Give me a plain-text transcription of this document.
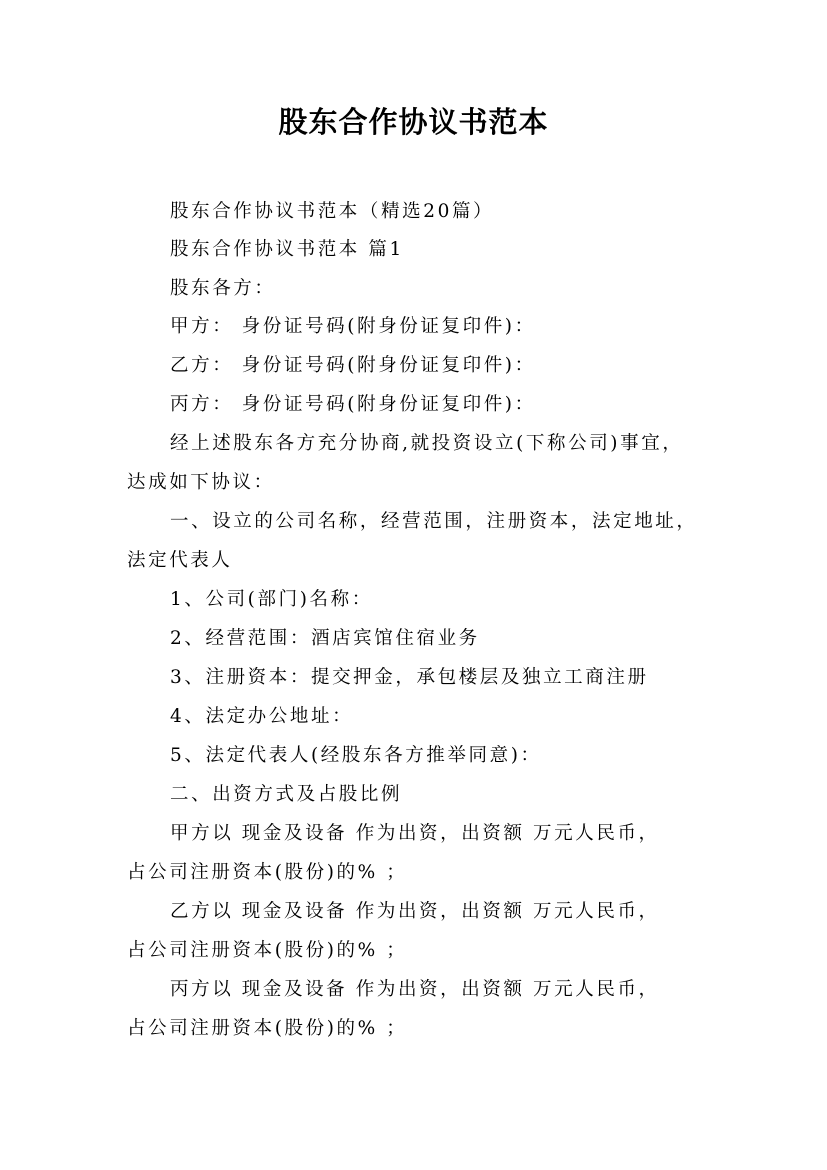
股东合作协议书范本
股东合作协议书范本（精选20篇）
股东合作协议书范本 篇1
股东各方：
甲方： 身份证号码(附身份证复印件)：
乙方： 身份证号码(附身份证复印件)：
丙方： 身份证号码(附身份证复印件)：
经上述股东各方充分协商,就投资设立(下称公司)事宜，
达成如下协议：
一、设立的公司名称，经营范围，注册资本，法定地址，
法定代表人
1、公司(部门)名称：
2、经营范围：酒店宾馆住宿业务
3、注册资本：提交押金，承包楼层及独立工商注册
4、法定办公地址：
5、法定代表人(经股东各方推举同意)：
二、出资方式及占股比例
甲方以 现金及设备 作为出资，出资额 万元人民币，
占公司注册资本(股份)的% ；
乙方以 现金及设备 作为出资，出资额 万元人民币，
占公司注册资本(股份)的% ；
丙方以 现金及设备 作为出资，出资额 万元人民币，
占公司注册资本(股份)的% ；
